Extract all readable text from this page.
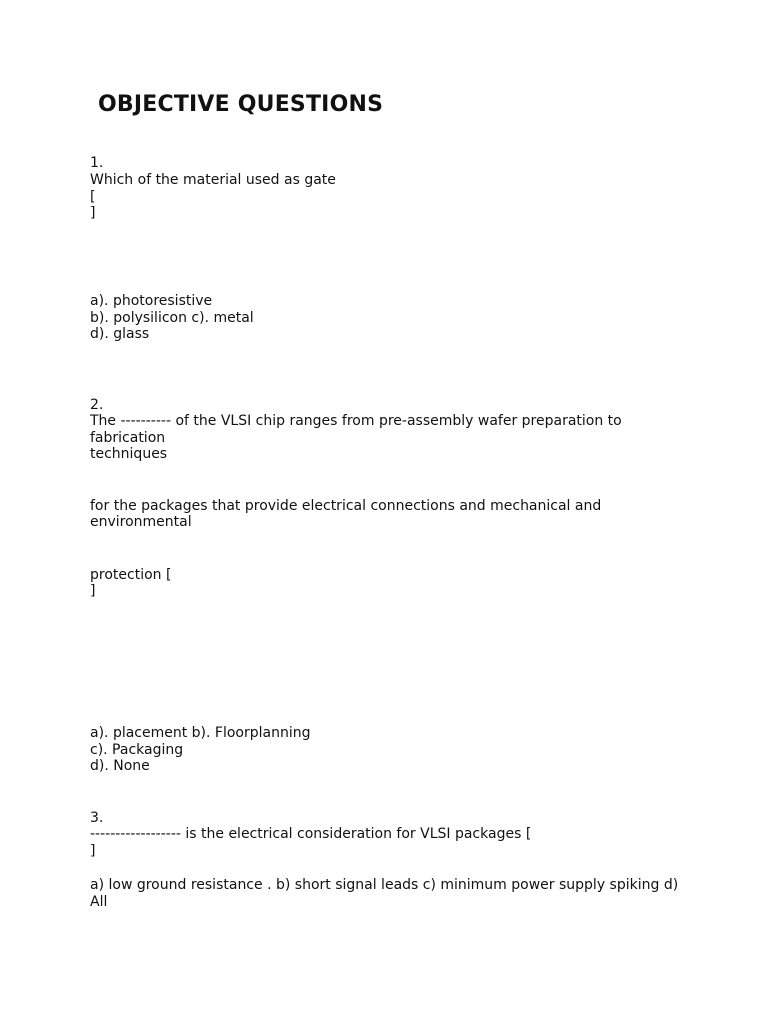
OBJECTIVE QUESTIONS
1.
Which of the material used as gate
[
]
a). photoresistive
b). polysilicon c). metal
d). glass
2.
The ---------- of the VLSI chip ranges from pre-assembly wafer preparation to
fabrication
techniques
for the packages that provide electrical connections and mechanical and
environmental
protection [
]
a). placement b). Floorplanning
c). Packaging
d). None
3.
------------------ is the electrical consideration for VLSI packages [
]
a) low ground resistance . b) short signal leads c) minimum power supply spiking d)
All
